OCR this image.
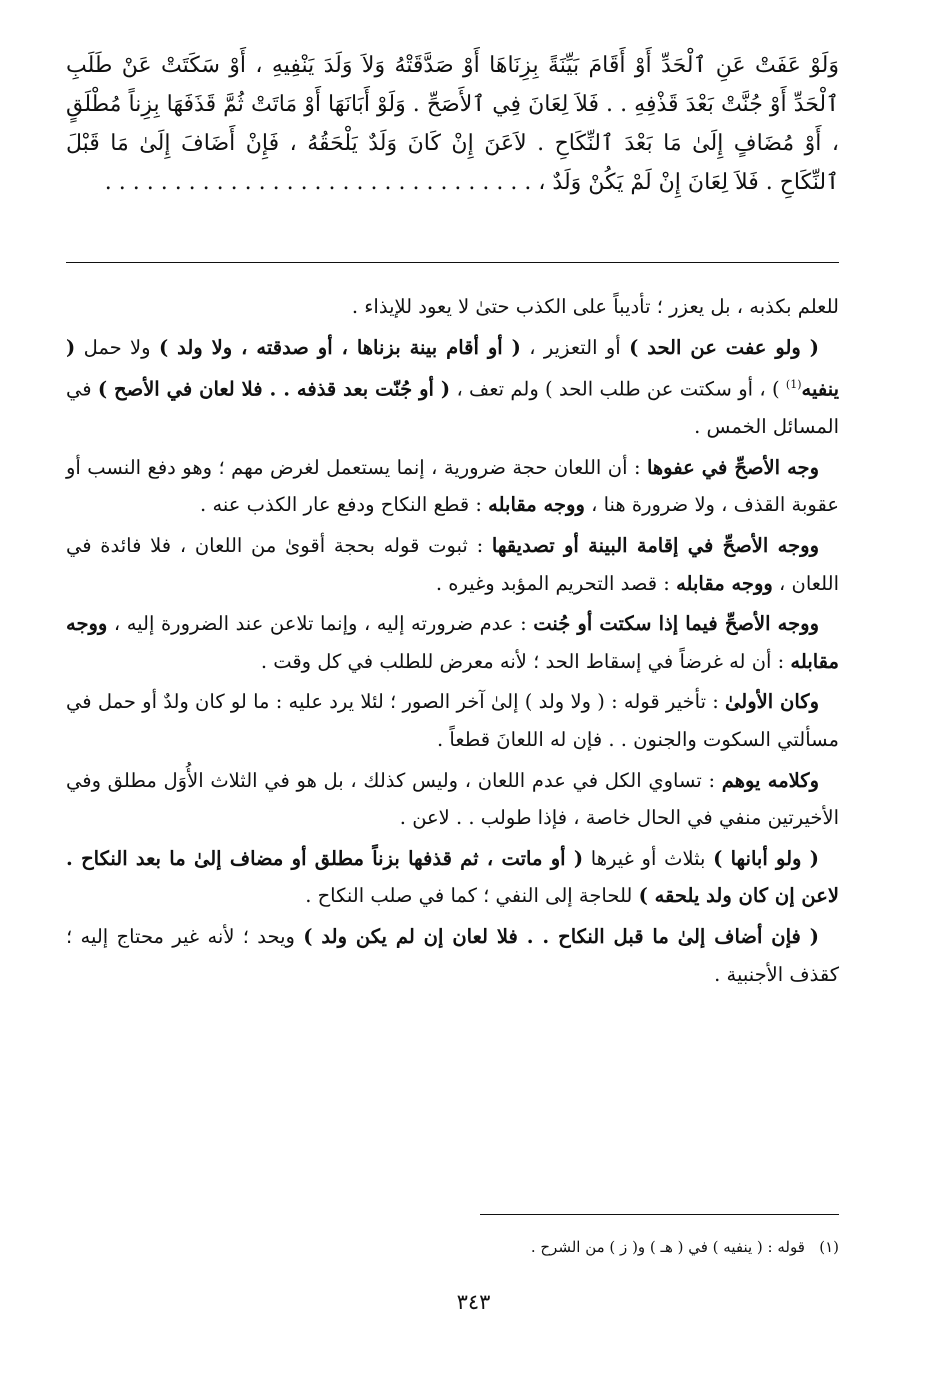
وَلَوْ عَفَتْ عَنِ ٱلْحَدِّ أَوْ أَقَامَ بَيِّنَةً بِزِنَاهَا أَوْ صَدَّقَتْهُ وَلاَ وَلَدَ يَنْفِيهِ ، أَوْ سَكَتَتْ عَنْ طَلَبِ ٱلْحَدِّ أَوْ جُنَّتْ بَعْدَ قَذْفِهِ . . فَلاَ لِعَانَ فِي ٱلأَصَحِّ . وَلَوْ أَبَانَهَا أَوْ مَاتَتْ ثُمَّ قَذَفَهَا بِزِناً مُطْلَقٍ ، أَوْ مُضَافٍ إِلَىٰ مَا بَعْدَ ٱلنِّكَاحِ . لاَعَنَ إِنْ كَانَ وَلَدٌ يَلْحَقُهُ ، فَإِنْ أَضَافَ إِلَىٰ مَا قَبْلَ ٱلنِّكَاحِ . فَلاَ لِعَانَ إِنْ لَمْ يَكُنْ وَلَدٌ ، . . . . . . . . . . . . . . . . . . . . . . . . . . . . . . .

للعلم بكذبه ، بل يعزر ؛ تأديباً على الكذب حتىٰ لا يعود للإيذاء .

( ولو عفت عن الحد ) أو التعزير ، ( أو أقام بينة بزناها ، أو صدقته ، ولا ولد ) ولا حمل ( ينفيه$^{(1)}$ ) ، أو سكتت عن طلب الحد ) ولم تعف ، ( أو جُنّت بعد قذفه . . فلا لعان في الأصح ) في المسائل الخمس .

وجه الأصحِّ في عفوها : أن اللعان حجة ضرورية ، إنما يستعمل لغرض مهم ؛ وهو دفع النسب أو عقوبة القذف ، ولا ضرورة هنا ، ووجه مقابله : قطع النكاح ودفع عار الكذب عنه .

ووجه الأصحِّ في إقامة البينة أو تصديقها : ثبوت قوله بحجة أقوىٰ من اللعان ، فلا فائدة في اللعان ، ووجه مقابله : قصد التحريم المؤبد وغيره .

ووجه الأصحِّ فيما إذا سكتت أو جُنت : عدم ضرورته إليه ، وإنما تلاعن عند الضرورة إليه ، ووجه مقابله : أن له غرضاً في إسقاط الحد ؛ لأنه معرض للطلب في كل وقت .

وكان الأولىٰ : تأخير قوله : ( ولا ولد ) إلىٰ آخر الصور ؛ لئلا يرد عليه : ما لو كان ولدٌ أو حمل في مسألتي السكوت والجنون . . فإن له اللعانَ قطعاً .

وكلامه يوهم : تساوي الكل في عدم اللعان ، وليس كذلك ، بل هو في الثلاث الأُوَل مطلق وفي الأخيرتين منفي في الحال خاصة ، فإذا طولب . . لاعن .

( ولو أبانها ) بثلاث أو غيرها ( أو ماتت ، ثم قذفها بزناً مطلق أو مضاف إلىٰ ما بعد النكاح . لاعن إن كان ولد يلحقه ) للحاجة إلى النفي ؛ كما في صلب النكاح .

( فإن أضاف إلىٰ ما قبل النكاح . . فلا لعان إن لم يكن ولد ) ويحد ؛ لأنه غير محتاج إليه ؛ كقذف الأجنبية .

(١)   قوله : ( ينفيه ) في ( هـ ) و( ز ) من الشرح .
٣٤٣
